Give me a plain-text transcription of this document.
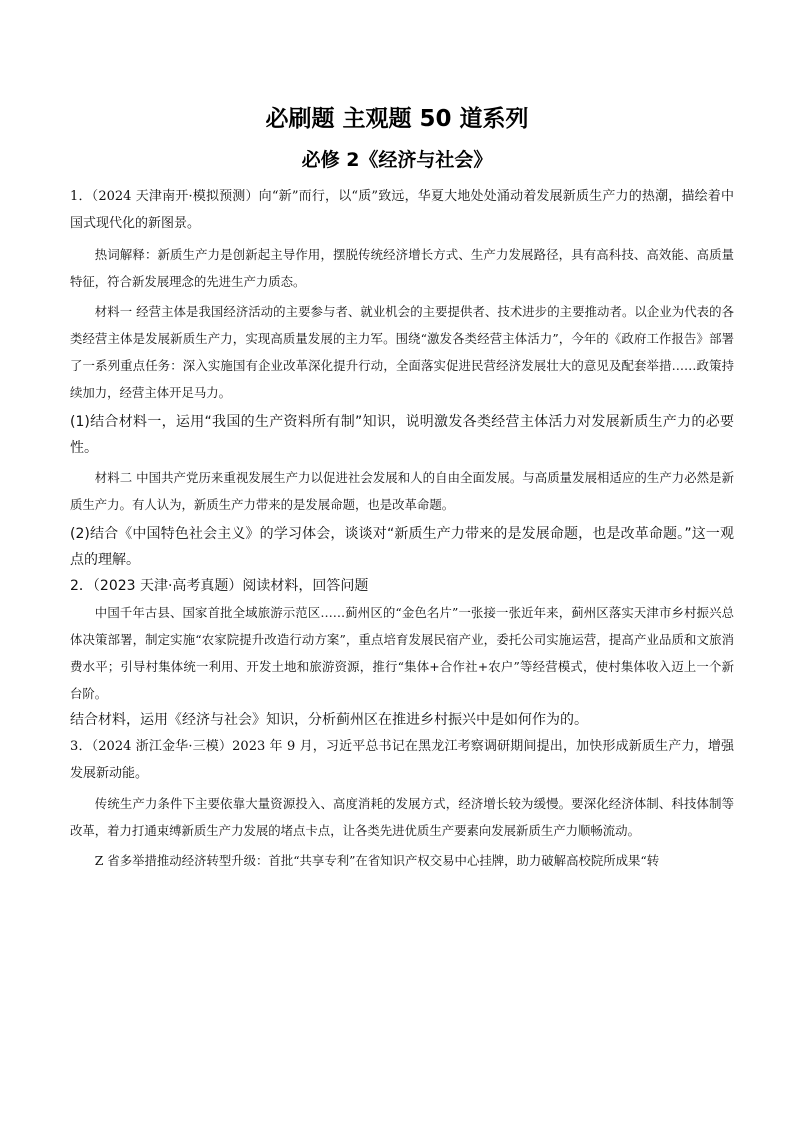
必刷题 主观题 50 道系列
必修 2《经济与社会》

1．（2024 天津南开·模拟预测）向“新”而行，以“质”致远，华夏大地处处涌动着发展新质生产力的热潮，描绘着中国式现代化的新图景。

热词解释：新质生产力是创新起主导作用，摆脱传统经济增长方式、生产力发展路径，具有高科技、高效能、高质量特征，符合新发展理念的先进生产力质态。

材料一 经营主体是我国经济活动的主要参与者、就业机会的主要提供者、技术进步的主要推动者。以企业为代表的各类经营主体是发展新质生产力，实现高质量发展的主力军。围绕“激发各类经营主体活力”，今年的《政府工作报告》部署了一系列重点任务：深入实施国有企业改革深化提升行动，全面落实促进民营经济发展壮大的意见及配套举措……政策持续加力，经营主体开足马力。

(1)结合材料一，运用“我国的生产资料所有制”知识，说明激发各类经营主体活力对发展新质生产力的必要性。

材料二 中国共产党历来重视发展生产力以促进社会发展和人的自由全面发展。与高质量发展相适应的生产力必然是新质生产力。有人认为，新质生产力带来的是发展命题，也是改革命题。

(2)结合《中国特色社会主义》的学习体会，谈谈对“新质生产力带来的是发展命题，也是改革命题。”这一观点的理解。

2．（2023 天津·高考真题）阅读材料，回答问题

中国千年古县、国家首批全域旅游示范区……蓟州区的“金色名片”一张接一张近年来，蓟州区落实天津市乡村振兴总体决策部署，制定实施“农家院提升改造行动方案”，重点培育发展民宿产业，委托公司实施运营，提高产业品质和文旅消费水平；引导村集体统一利用、开发土地和旅游资源，推行“集体+合作社+农户”等经营模式，使村集体收入迈上一个新台阶。

结合材料，运用《经济与社会》知识，分析蓟州区在推进乡村振兴中是如何作为的。

3．（2024 浙江金华·三模）2023 年 9 月，习近平总书记在黑龙江考察调研期间提出，加快形成新质生产力，增强发展新动能。

传统生产力条件下主要依靠大量资源投入、高度消耗的发展方式，经济增长较为缓慢。要深化经济体制、科技体制等改革，着力打通束缚新质生产力发展的堵点卡点，让各类先进优质生产要素向发展新质生产力顺畅流动。

Z 省多举措推动经济转型升级：首批“共享专利”在省知识产权交易中心挂牌，助力破解高校院所成果“转
